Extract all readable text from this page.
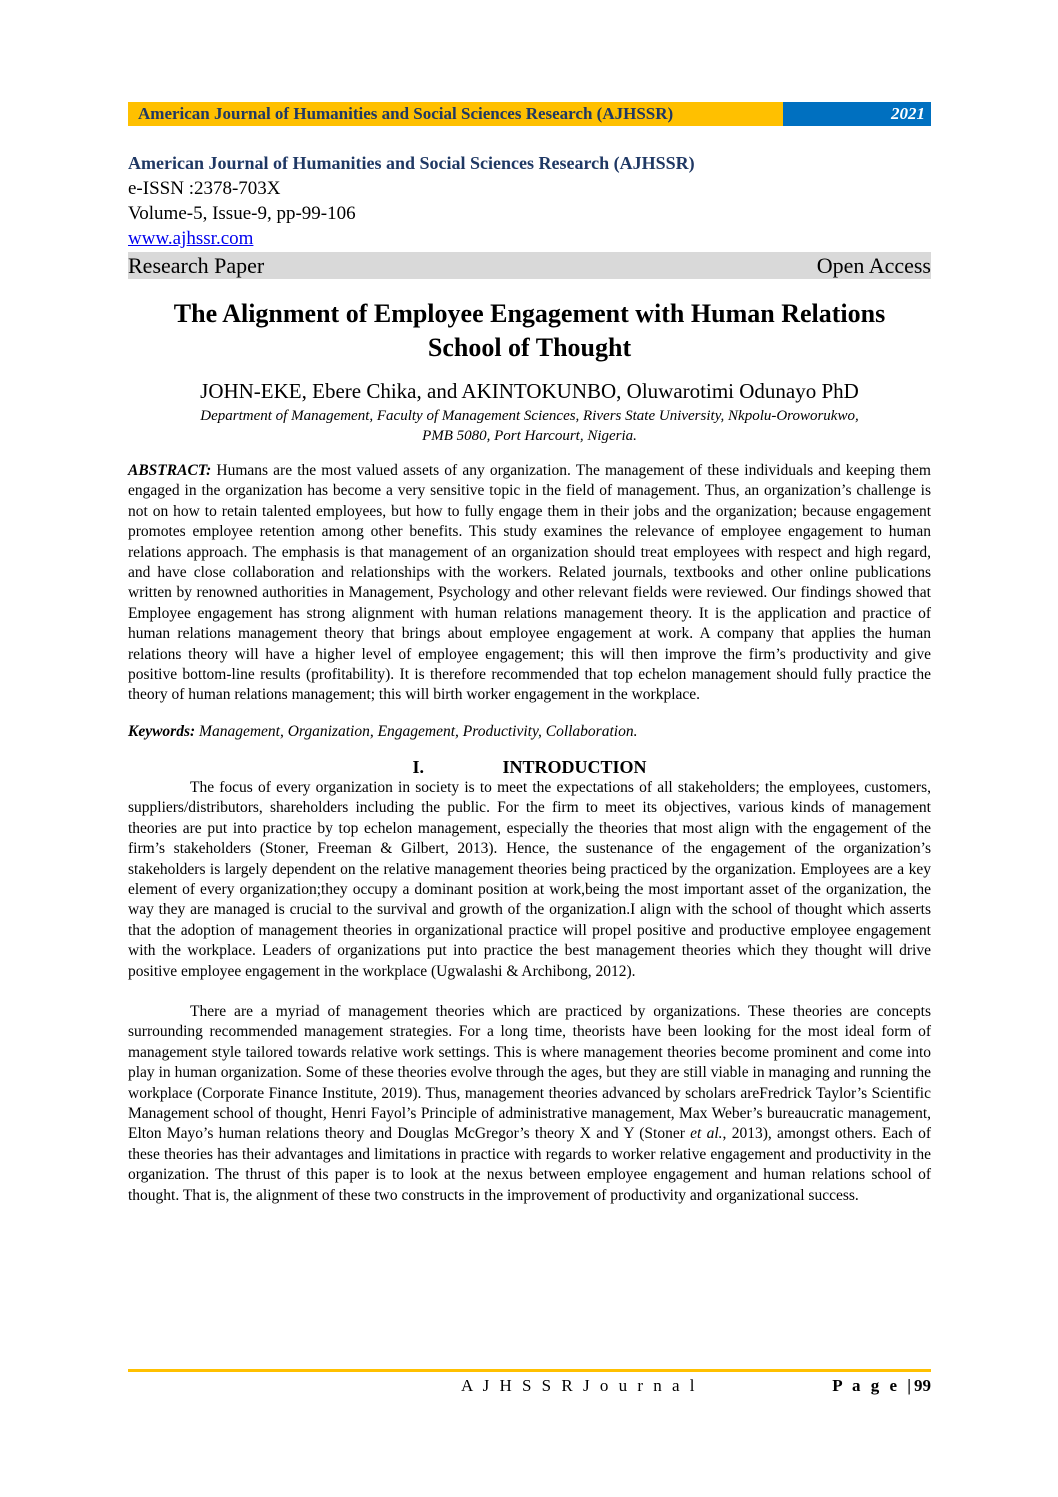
American Journal of Humanities and Social Sciences Research (AJHSSR)	2021
American Journal of Humanities and Social Sciences Research (AJHSSR)
e-ISSN :2378-703X
Volume-5, Issue-9, pp-99-106
www.ajhssr.com
Research Paper	Open Access
The Alignment of Employee Engagement with Human Relations
School of Thought
JOHN-EKE, Ebere Chika, and AKINTOKUNBO, Oluwarotimi Odunayo PhD
Department of Management, Faculty of Management Sciences, Rivers State University, Nkpolu-Oroworukwo,
PMB 5080, Port Harcourt, Nigeria.
ABSTRACT: Humans are the most valued assets of any organization. The management of these individuals and keeping them engaged in the organization has become a very sensitive topic in the field of management. Thus, an organization’s challenge is not on how to retain talented employees, but how to fully engage them in their jobs and the organization; because engagement promotes employee retention among other benefits. This study examines the relevance of employee engagement to human relations approach. The emphasis is that management of an organization should treat employees with respect and high regard, and have close collaboration and relationships with the workers. Related journals, textbooks and other online publications written by renowned authorities in Management, Psychology and other relevant fields were reviewed. Our findings showed that Employee engagement has strong alignment with human relations management theory. It is the application and practice of human relations management theory that brings about employee engagement at work. A company that applies the human relations theory will have a higher level of employee engagement; this will then improve the firm’s productivity and give positive bottom-line results (profitability). It is therefore recommended that top echelon management should fully practice the theory of human relations management; this will birth worker engagement in the workplace.
Keywords: Management, Organization, Engagement, Productivity, Collaboration.
I.	INTRODUCTION
The focus of every organization in society is to meet the expectations of all stakeholders; the employees, customers, suppliers/distributors, shareholders including the public. For the firm to meet its objectives, various kinds of management theories are put into practice by top echelon management, especially the theories that most align with the engagement of the firm’s stakeholders (Stoner, Freeman & Gilbert, 2013). Hence, the sustenance of the engagement of the organization’s stakeholders is largely dependent on the relative management theories being practiced by the organization. Employees are a key element of every organization;they occupy a dominant position at work,being the most important asset of the organization, the way they are managed is crucial to the survival and growth of the organization.I align with the school of thought which asserts that the adoption of management theories in organizational practice will propel positive and productive employee engagement with the workplace. Leaders of organizations put into practice the best management theories which they thought will drive positive employee engagement in the workplace (Ugwalashi & Archibong, 2012).
There are a myriad of management theories which are practiced by organizations. These theories are concepts surrounding recommended management strategies. For a long time, theorists have been looking for the most ideal form of management style tailored towards relative work settings. This is where management theories become prominent and come into play in human organization. Some of these theories evolve through the ages, but they are still viable in managing and running the workplace (Corporate Finance Institute, 2019). Thus, management theories advanced by scholars areFredrick Taylor’s Scientific Management school of thought, Henri Fayol’s Principle of administrative management, Max Weber’s bureaucratic management, Elton Mayo’s human relations theory and Douglas McGregor’s theory X and Y (Stoner et al., 2013), amongst others. Each of these theories has their advantages and limitations in practice with regards to worker relative engagement and productivity in the organization. The thrust of this paper is to look at the nexus between employee engagement and human relations school of thought. That is, the alignment of these two constructs in the improvement of productivity and organizational success.
A J H S S R J o u r n a l	P a g e |99
